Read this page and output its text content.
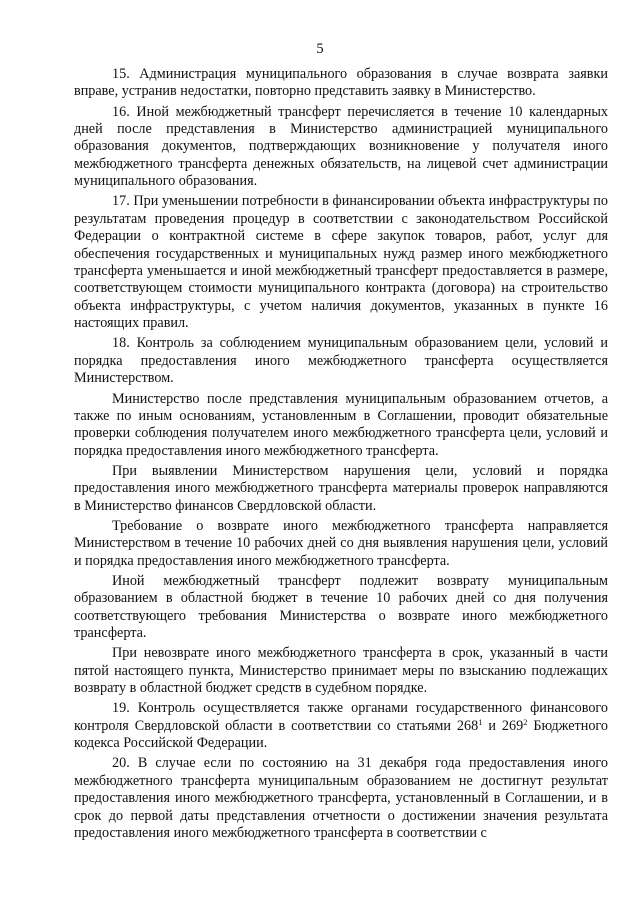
5

15. Администрация муниципального образования в случае возврата заявки вправе, устранив недостатки, повторно представить заявку в Министерство.

16. Иной межбюджетный трансферт перечисляется в течение 10 календарных дней после представления в Министерство администрацией муниципального образования документов, подтверждающих возникновение у получателя иного межбюджетного трансферта денежных обязательств, на лицевой счет администрации муниципального образования.

17. При уменьшении потребности в финансировании объекта инфраструктуры по результатам проведения процедур в соответствии с законодательством Российской Федерации о контрактной системе в сфере закупок товаров, работ, услуг для обеспечения государственных и муниципальных нужд размер иного межбюджетного трансферта уменьшается и иной межбюджетный трансферт предоставляется в размере, соответствующем стоимости муниципального контракта (договора) на строительство объекта инфраструктуры, с учетом наличия документов, указанных в пункте 16 настоящих правил.

18. Контроль за соблюдением муниципальным образованием цели, условий и порядка предоставления иного межбюджетного трансферта осуществляется Министерством.

Министерство после представления муниципальным образованием отчетов, а также по иным основаниям, установленным в Соглашении, проводит обязательные проверки соблюдения получателем иного межбюджетного трансферта цели, условий и порядка предоставления иного межбюджетного трансферта.

При выявлении Министерством нарушения цели, условий и порядка предоставления иного межбюджетного трансферта материалы проверок направляются в Министерство финансов Свердловской области.

Требование о возврате иного межбюджетного трансферта направляется Министерством в течение 10 рабочих дней со дня выявления нарушения цели, условий и порядка предоставления иного межбюджетного трансферта.

Иной межбюджетный трансферт подлежит возврату муниципальным образованием в областной бюджет в течение 10 рабочих дней со дня получения соответствующего требования Министерства о возврате иного межбюджетного трансферта.

При невозврате иного межбюджетного трансферта в срок, указанный в части пятой настоящего пункта, Министерство принимает меры по взысканию подлежащих возврату в областной бюджет средств в судебном порядке.

19. Контроль осуществляется также органами государственного финансового контроля Свердловской области в соответствии со статьями $268^1$ и $269^2$ Бюджетного кодекса Российской Федерации.

20. В случае если по состоянию на 31 декабря года предоставления иного межбюджетного трансферта муниципальным образованием не достигнут результат предоставления иного межбюджетного трансферта, установленный в Соглашении, и в срок до первой даты представления отчетности о достижении значения результата предоставления иного межбюджетного трансферта в соответствии с
